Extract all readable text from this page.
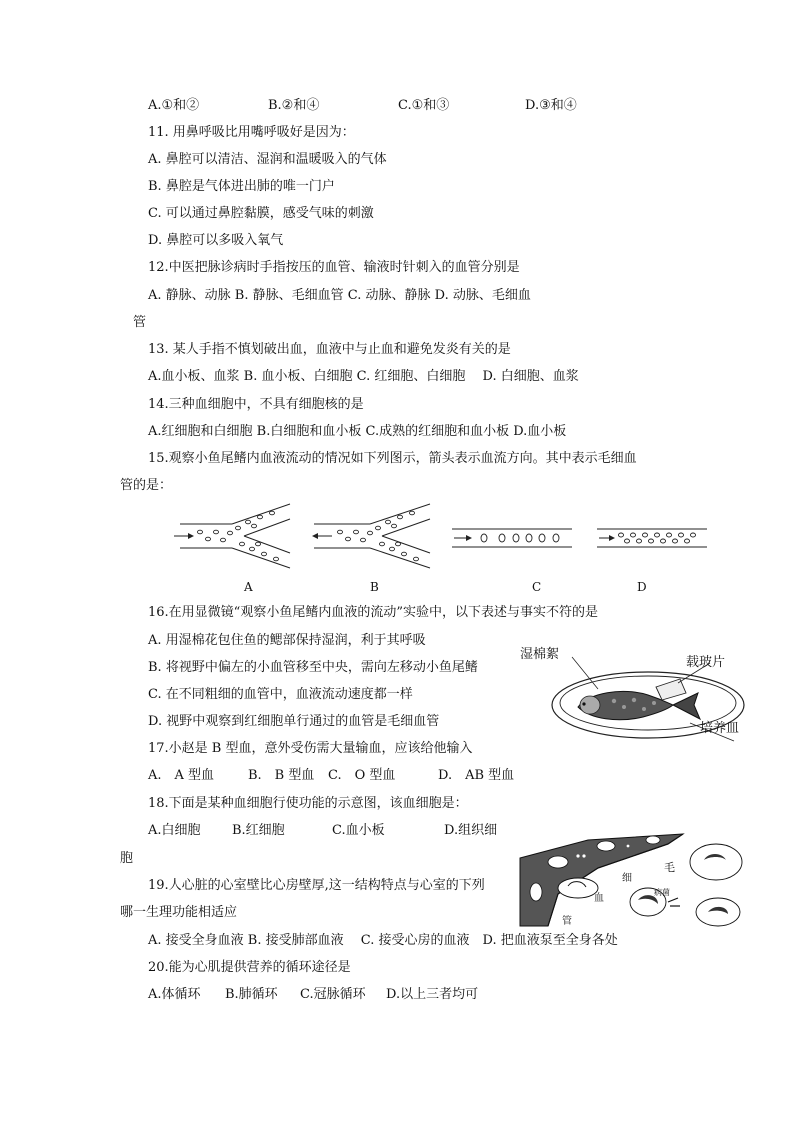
A.①和②	B.②和④	C.①和③	D.③和④
11. 用鼻呼吸比用嘴呼吸好是因为：
A. 鼻腔可以清洁、湿润和温暖吸入的气体
B. 鼻腔是气体进出肺的唯一门户
C. 可以通过鼻腔黏膜，感受气味的刺激
D. 鼻腔可以多吸入氧气
12.中医把脉诊病时手指按压的血管、输液时针刺入的血管分别是
A. 静脉、动脉 B. 静脉、毛细血管 C. 动脉、静脉 D. 动脉、毛细血
管
13. 某人手指不慎划破出血，血液中与止血和避免发炎有关的是
A.血小板、血浆 B. 血小板、白细胞 C. 红细胞、白细胞　 D. 白细胞、血浆
14.三种血细胞中，不具有细胞核的是
A.红细胞和白细胞 B.白细胞和血小板 C.成熟的红细胞和血小板 D.血小板
15.观察小鱼尾鳍内血液流动的情况如下列图示，箭头表示血流方向。其中表示毛细血
管的是：
A	B	C	D
16.在用显微镜“观察小鱼尾鳍内血液的流动”实验中，以下表述与事实不符的是
A. 用湿棉花包住鱼的鳃部保持湿润，利于其呼吸
B. 将视野中偏左的小血管移至中央，需向左移动小鱼尾鳍
C. 在不同粗细的血管中，血液流动速度都一样
D. 视野中观察到红细胞单行通过的血管是毛细血管
湿棉絮
载玻片
培养皿
17.小赵是 B 型血，意外受伤需大量输血，应该给他输入
A.　A 型血	B.　B 型血 C.　O 型血	D.　AB 型血
18.下面是某种血细胞行使功能的示意图，该血细胞是：
A.白细胞 B.红细胞	C.血小板	D.组织细
胞
毛
细
血
管
病菌
19.人心脏的心室壁比心房壁厚,这一结构特点与心室的下列
哪一生理功能相适应
A. 接受全身血液 B. 接受肺部血液　 C. 接受心房的血液　D. 把血液泵至全身各处
20.能为心肌提供营养的循环途径是
A.体循环 B.肺循环 C.冠脉循环 D.以上三者均可
